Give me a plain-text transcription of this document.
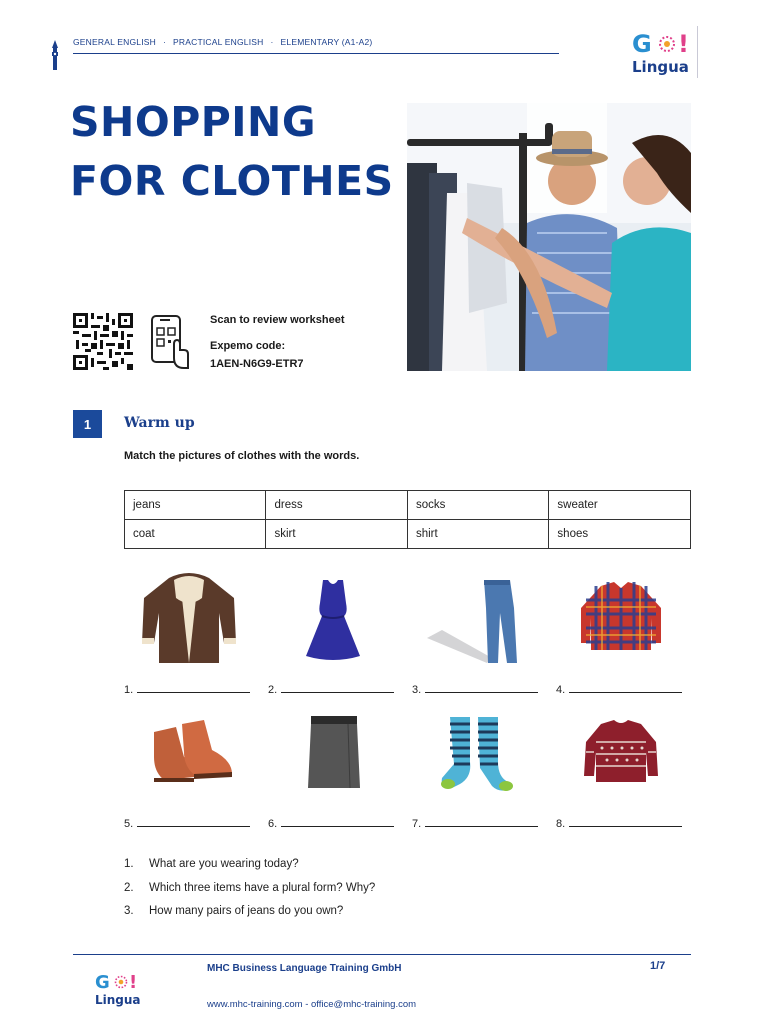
GENERAL ENGLISH · PRACTICAL ENGLISH · ELEMENTARY (A1-A2)	G !
Lingua
SHOPPING
FOR CLOTHES
Scan to review worksheet
Expemo code:
1AEN-N6G9-ETR7
1	Warm up
Match the pictures of clothes with the words.
jeans	dress	socks	sweater
coat	skirt	shirt	shoes
1.	2.	3.	4.
5.	6.	7.	8.
1. What are you wearing today?
2. Which three items have a plural form? Why?
3. How many pairs of jeans do you own?
G !
Lingua
MHC Business Language Training GmbH	1/7
www.mhc-training.com - office@mhc-training.com
